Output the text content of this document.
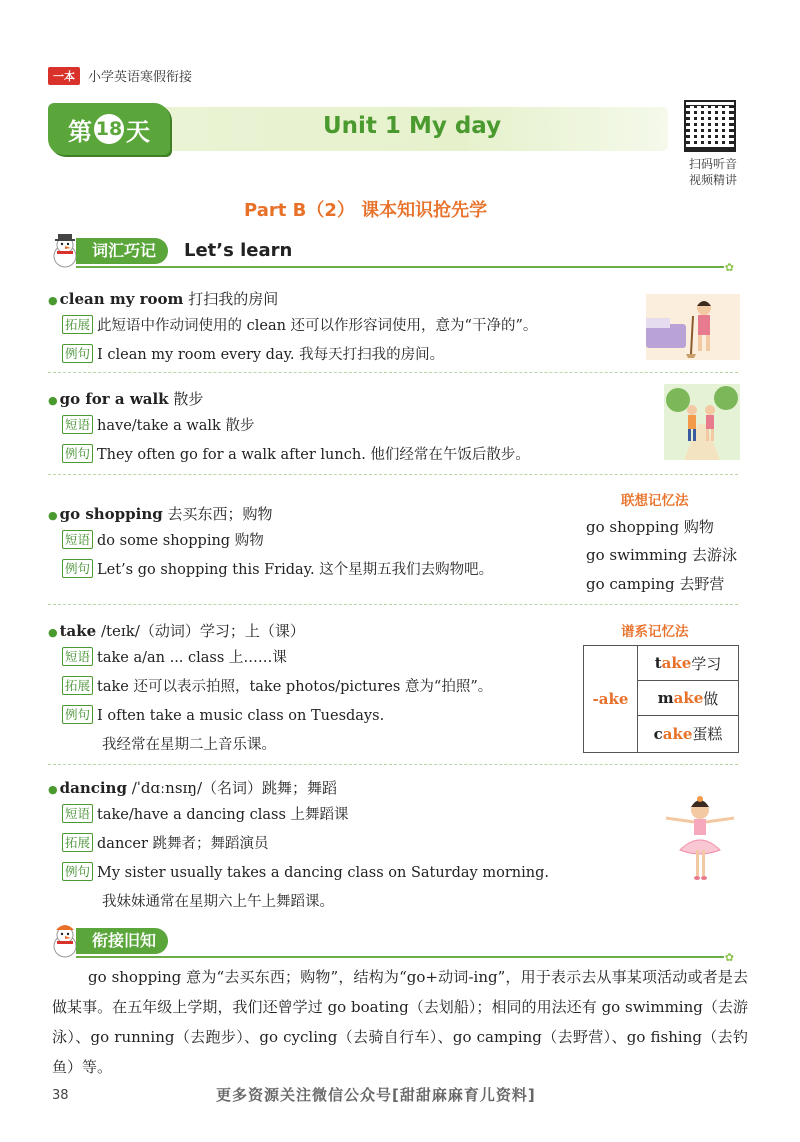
一本	小学英语寒假衔接
第 18 天	Unit 1 My day
扫码听音
视频精讲
Part B（2） 课本知识抢先学
词汇巧记	Let’s learn
✿
● clean my room 打扫我的房间
拓展 此短语中作动词使用的 clean 还可以作形容词使用，意为“干净的”。
例句 I clean my room every day. 我每天打扫我的房间。
● go for a walk 散步
短语 have/take a walk 散步
例句 They often go for a walk after lunch. 他们经常在午饭后散步。
● go shopping 去买东西；购物
短语 do some shopping 购物
例句 Let’s go shopping this Friday. 这个星期五我们去购物吧。
联想记忆法
go shopping 购物
go swimming 去游泳
go camping 去野营
● take /teɪk/（动词）学习；上（课）
短语 take a/an ... class 上……课
拓展 take 还可以表示拍照，take photos/pictures 意为“拍照”。
例句 I often take a music class on Tuesdays.
我经常在星期二上音乐课。
谱系记忆法
-ake
t ake 学习
m ake 做
c ake 蛋糕
● dancing /ˈdɑːnsɪŋ/（名词）跳舞；舞蹈
短语 take/have a dancing class 上舞蹈课
拓展 dancer 跳舞者；舞蹈演员
例句 My sister usually takes a dancing class on Saturday morning.
我妹妹通常在星期六上午上舞蹈课。
衔接旧知
✿
go shopping 意为“去买东西；购物”，结构为“go+动词-ing”，用于表示去从事某项活动或者是去做某事。在五年级上学期，我们还曾学过 go boating（去划船）；相同的用法还有 go swimming（去游泳）、go running（去跑步）、go cycling（去骑自行车）、go camping（去野营）、go fishing（去钓鱼）等。
38	更多资源关注微信公众号[甜甜麻麻育儿资料]
